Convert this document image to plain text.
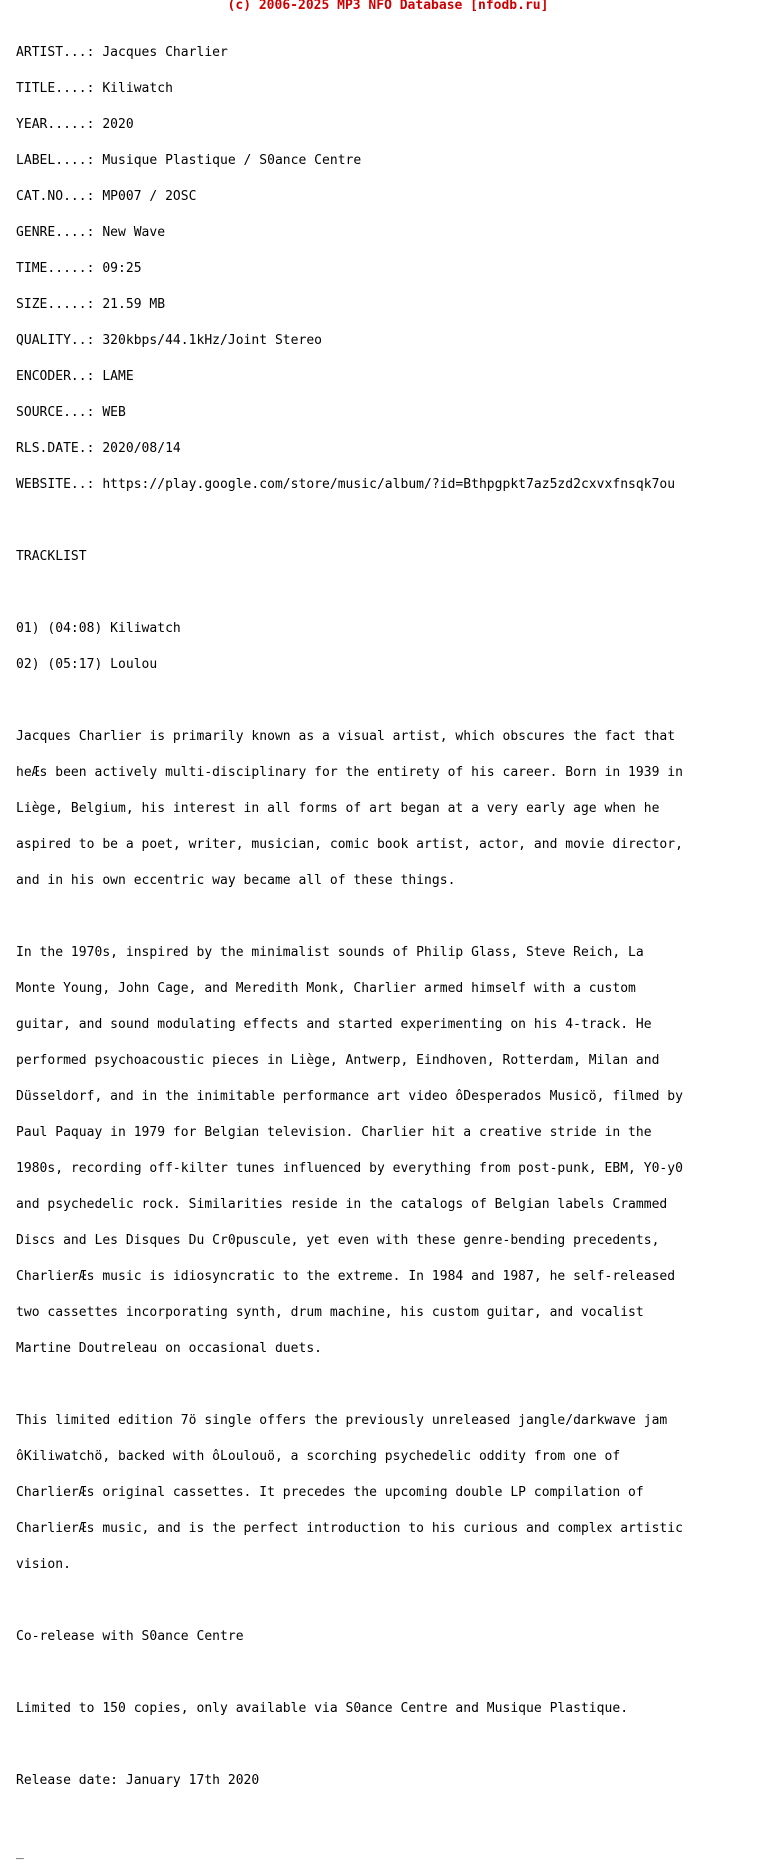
(c) 2006-2025 MP3 NFO Database [nfodb.ru]

ARTIST...: Jacques Charlier

TITLE....: Kiliwatch

YEAR.....: 2020

LABEL....: Musique Plastique / S0ance Centre

CAT.NO...: MP007 / 2OSC

GENRE....: New Wave

TIME.....: 09:25

SIZE.....: 21.59 MB

QUALITY..: 320kbps/44.1kHz/Joint Stereo

ENCODER..: LAME

SOURCE...: WEB

RLS.DATE.: 2020/08/14

WEBSITE..: https://play.google.com/store/music/album/?id=Bthpgpkt7az5zd2cxvxfnsqk7ou

TRACKLIST

01) (04:08) Kiliwatch

02) (05:17) Loulou

Jacques Charlier is primarily known as a visual artist, which obscures the fact that

heÆs been actively multi-disciplinary for the entirety of his career. Born in 1939 in

Liège, Belgium, his interest in all forms of art began at a very early age when he

aspired to be a poet, writer, musician, comic book artist, actor, and movie director,

and in his own eccentric way became all of these things.

In the 1970s, inspired by the minimalist sounds of Philip Glass, Steve Reich, La

Monte Young, John Cage, and Meredith Monk, Charlier armed himself with a custom

guitar, and sound modulating effects and started experimenting on his 4-track. He

performed psychoacoustic pieces in Liège, Antwerp, Eindhoven, Rotterdam, Milan and

Düsseldorf, and in the inimitable performance art video ôDesperados Musicö, filmed by

Paul Paquay in 1979 for Belgian television. Charlier hit a creative stride in the

1980s, recording off-kilter tunes influenced by everything from post-punk, EBM, Y0-y0

and psychedelic rock. Similarities reside in the catalogs of Belgian labels Crammed

Discs and Les Disques Du Cr0puscule, yet even with these genre-bending precedents,

CharlierÆs music is idiosyncratic to the extreme. In 1984 and 1987, he self-released

two cassettes incorporating synth, drum machine, his custom guitar, and vocalist

Martine Doutreleau on occasional duets.

This limited edition 7ö single offers the previously unreleased jangle/darkwave jam

ôKiliwatchö, backed with ôLoulouö, a scorching psychedelic oddity from one of

CharlierÆs original cassettes. It precedes the upcoming double LP compilation of

CharlierÆs music, and is the perfect introduction to his curious and complex artistic

vision.

Co-release with S0ance Centre

Limited to 150 copies, only available via S0ance Centre and Musique Plastique.

Release date: January 17th 2020

_
